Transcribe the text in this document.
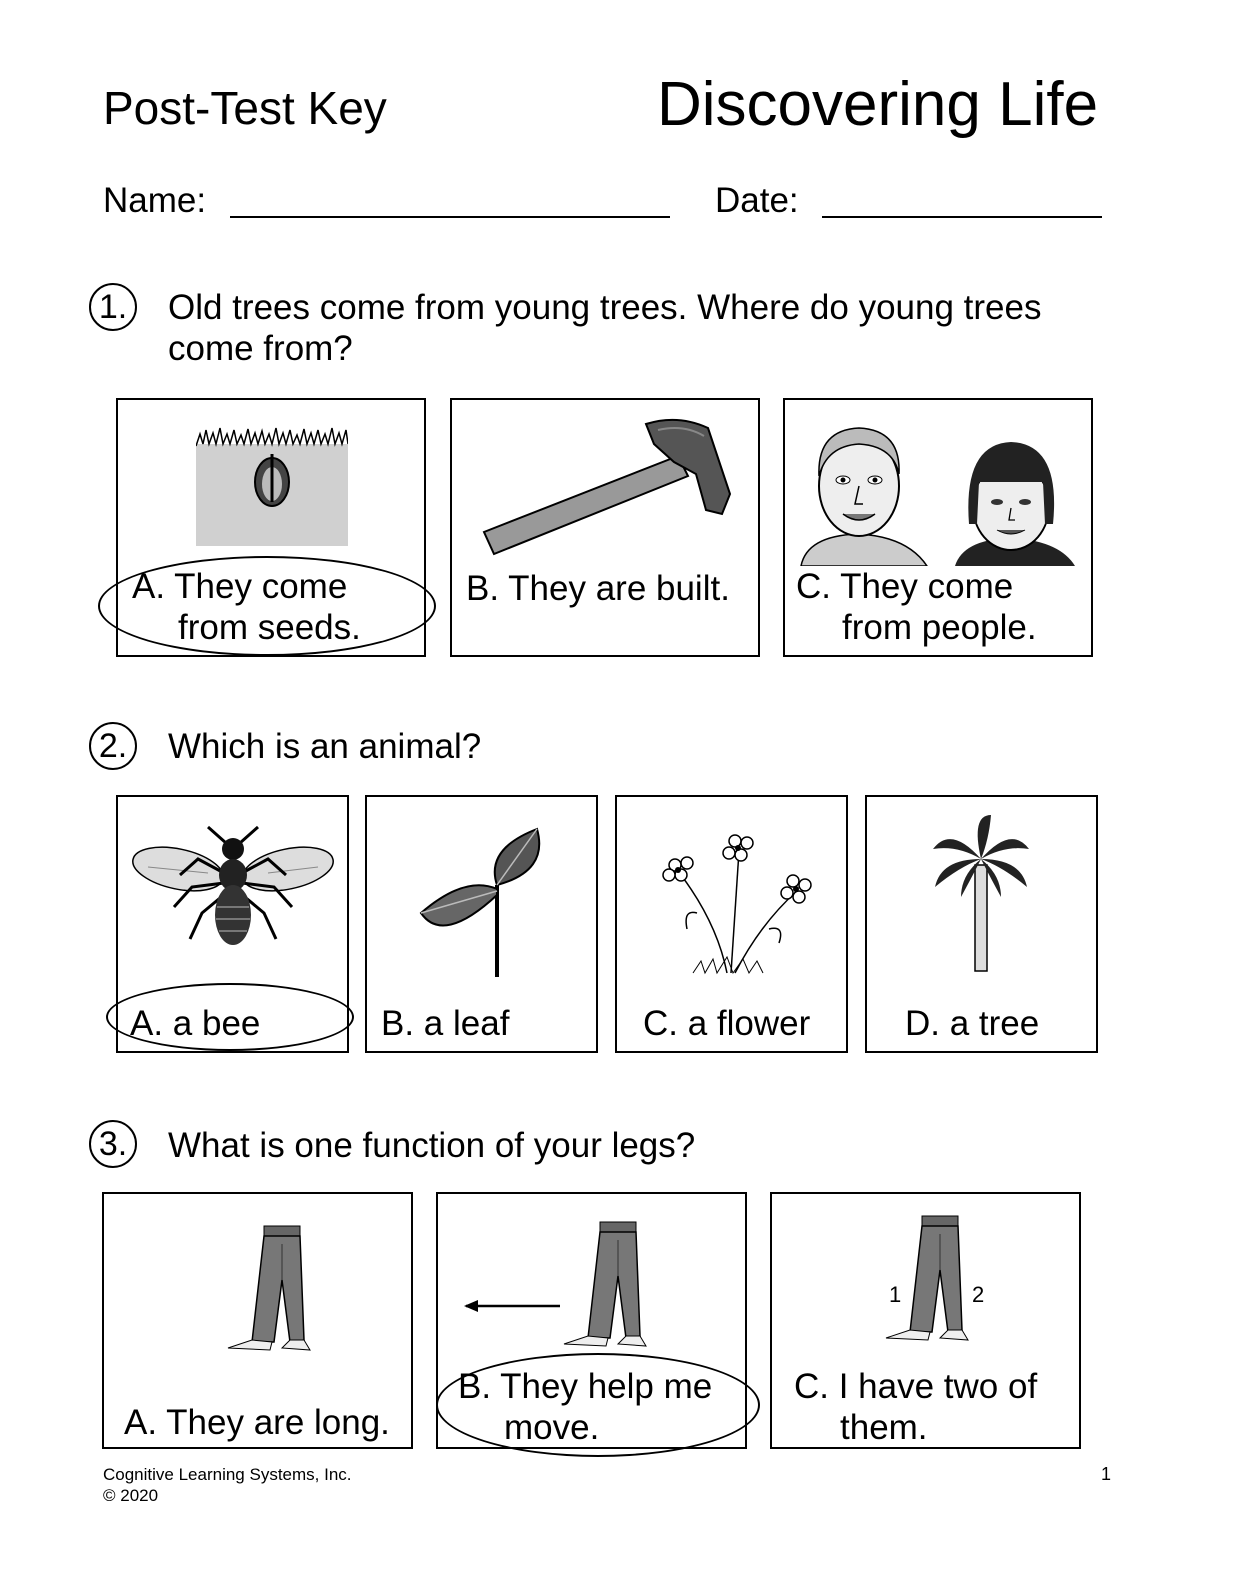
Post-Test Key	Discovering Life
Name:	Date:
1. Old trees come from young trees. Where do young trees
come from?
A. They come
from seeds.
B. They are built. C. They come
from people.
2. Which is an animal?
A. a bee	B. a leaf	C. a flower	D. a tree
3. What is one function of your legs?
A. They are long.
B. They help me
move.
1	2
C. I have two of
them.
Cognitive Learning Systems, Inc.
© 2020
1
